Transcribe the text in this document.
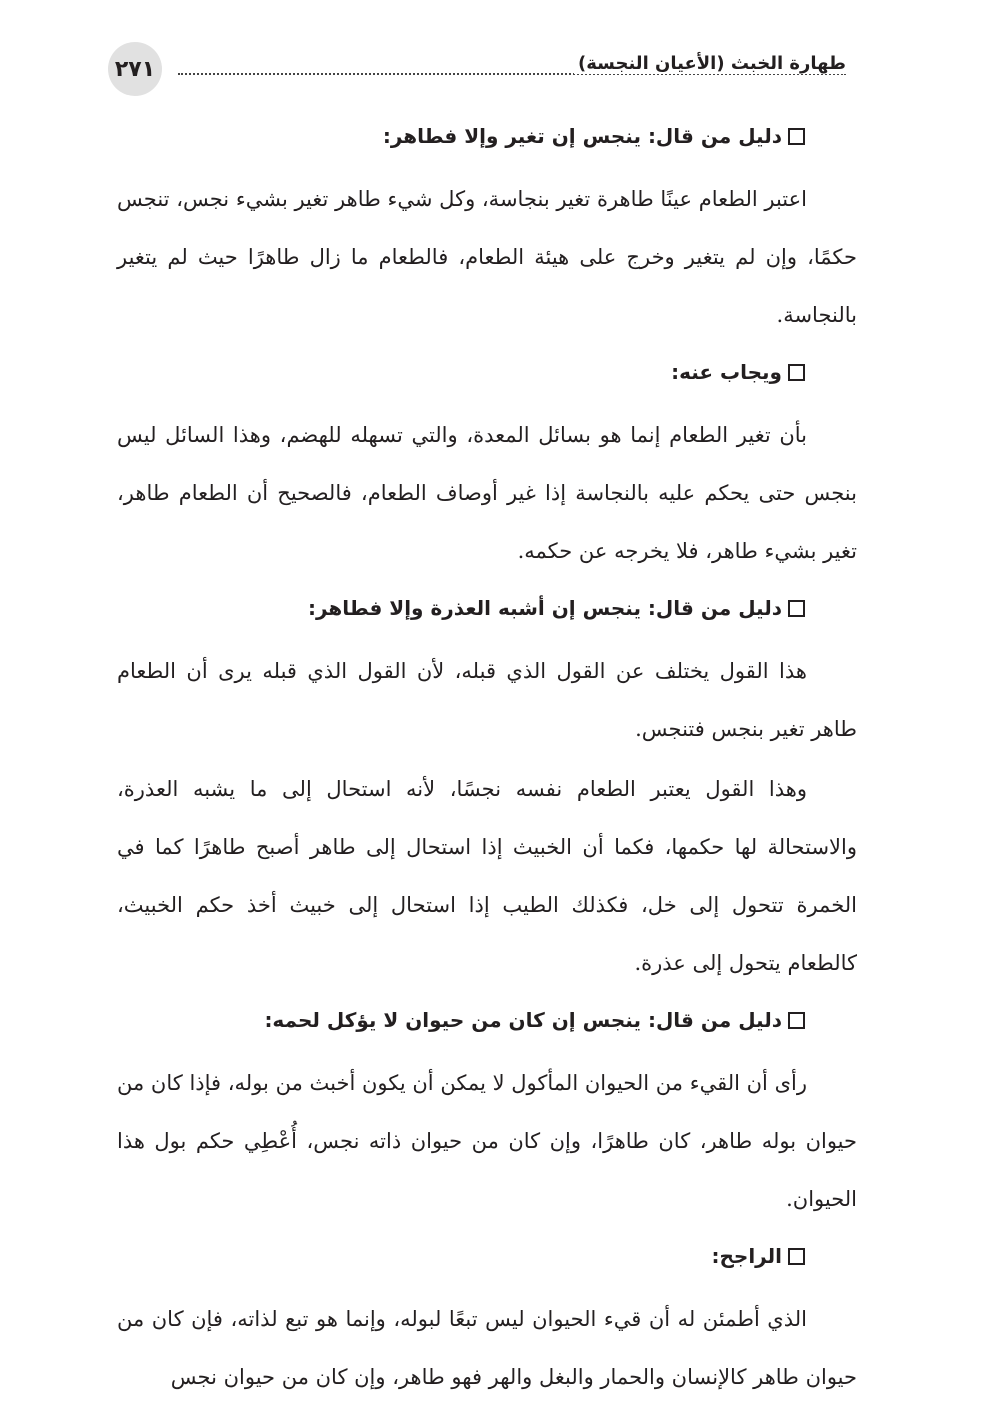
٢٧١	طهارة الخبث (الأعيان النجسة)
دليل من قال: ينجس إن تغير وإلا فطاهر:

اعتبر الطعام عينًا طاهرة تغير بنجاسة، وكل شيء طاهر تغير بشيء نجس، تنجس حكمًا، وإن لم يتغير وخرج على هيئة الطعام، فالطعام ما زال طاهرًا حيث لم يتغير بالنجاسة.

ويجاب عنه:

بأن تغير الطعام إنما هو بسائل المعدة، والتي تسهله للهضم، وهذا السائل ليس بنجس حتى يحكم عليه بالنجاسة إذا غير أوصاف الطعام، فالصحيح أن الطعام طاهر، تغير بشيء طاهر، فلا يخرجه عن حكمه.

دليل من قال: ينجس إن أشبه العذرة وإلا فطاهر:

هذا القول يختلف عن القول الذي قبله، لأن القول الذي قبله يرى أن الطعام طاهر تغير بنجس فتنجس.

وهذا القول يعتبر الطعام نفسه نجسًا، لأنه استحال إلى ما يشبه العذرة، والاستحالة لها حكمها، فكما أن الخبيث إذا استحال إلى طاهر أصبح طاهرًا كما في الخمرة تتحول إلى خل، فكذلك الطيب إذا استحال إلى خبيث أخذ حكم الخبيث، كالطعام يتحول إلى عذرة.

دليل من قال: ينجس إن كان من حيوان لا يؤكل لحمه:

رأى أن القيء من الحيوان المأكول لا يمكن أن يكون أخبث من بوله، فإذا كان من حيوان بوله طاهر، كان طاهرًا، وإن كان من حيوان ذاته نجس، أُعْطِي حكم بول هذا الحيوان.

الراجح:

الذي أطمئن له أن قيء الحيوان ليس تبعًا لبوله، وإنما هو تبع لذاته، فإن كان من حيوان طاهر كالإنسان والحمار والبغل والهر فهو طاهر، وإن كان من حيوان نجس
